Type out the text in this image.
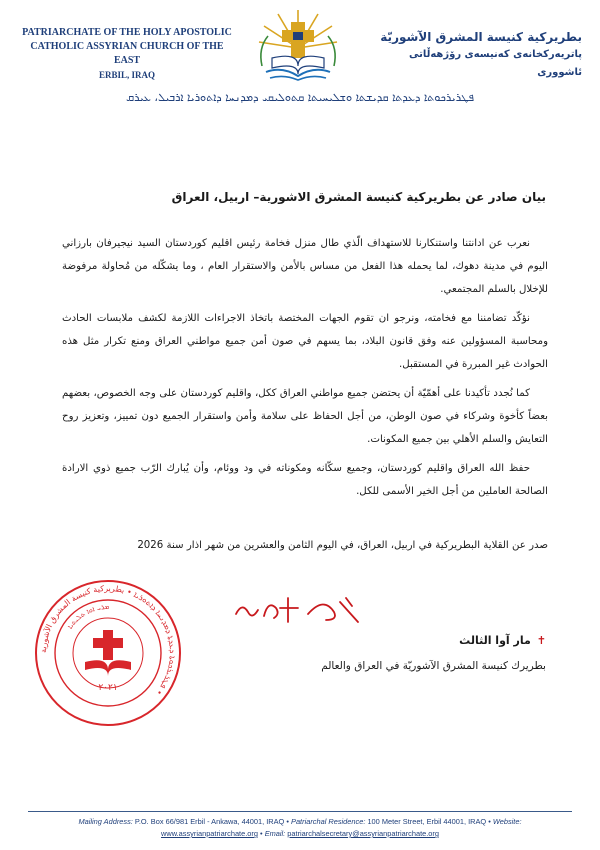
PATRIARCHATE OF THE HOLY APOSTOLIC
CATHOLIC ASSYRIAN CHURCH OF THE EAST
ERBIL, IRAQ
بطريركية كنيسة المشرق الآشوريّة
پاتريەرکخانەی کەنیسەی رۆژهەڵاتی ئاشووری
ܦܛܪܝܪܟܘܬܐ ܕܥܕܬܐ ܩܕܝܫܬܐ ܘܫܠܝܚܝܬܐ ܩܬܘܠܝܩܝ ܕܡܕܢܚܐ ܕܐܬܘܪܝܐ ܐܪܒܝܠ، ܥܝܪܩ
بيان صادر عن بطريركية كنيسة المشرق الاشورية– اربيل، العراق

نعرب عن ادانتنا واستنكارنا للاستهداف الّذي طال منزل فخامة رئيس اقليم كوردستان السيد نيجيرفان بارزاني اليوم في مدينة دهوك، لما يحمله هذا الفعل من مساس بالأمن والاستقرار العام ، وما يشكّله من مُحاولة مرفوضة للإخلال بالسلم المجتمعي.

نؤكّد تضامننا مع فخامته، ونرجو ان تقوم الجهات المختصة باتخاذ الاجراءات اللازمة لكشف ملابسات الحادث ومحاسبة المسؤولين عنه وفق قانون البلاد، بما يسهم في صون أمن جميع مواطني العراق ومنع تكرار مثل هذه الحوادث غير المبررة في المستقبل.

كما نُجدد تأكيدنا على أهمّيّة أن يحتضن جميع مواطني العراق ككل، واقليم كوردستان على وجه الخصوص، بعضهم بعضاً كأخوة وشركاء في صون الوطن، من أجل الحفاظ على سلامة وأمن واستقرار الجميع دون تمييز، وتعزيز روح التعايش والسلم الأهلي بين جميع المكونات.

حفظ الله العراق واقليم كوردستان، وجميع سكّانه ومكوناته في ود ووئام، وأن يُبارك الرّب جميع ذوي الارادة الصالحة العاملين من أجل الخير الأسمى للكل.

صدر عن القلاية البطريركية في اربيل، العراق، في اليوم الثامن والعشرين من شهر اذار سنة 2026
ܦܛܪܝܪܟܘܬܐ ܕܥܕܬܐ ܕܡܕܢܚܐ ܕܐܬܘܪܝܐ • بطريركية كنيسة المشرق الآشورية •
ܡܪܝ ܐܘܐ ܬܠܝܬܝܐ
٢٠٢١
✝مار آوا الثالث
بطريرك كنيسة المشرق الآشوريّة في العراق والعالم
Mailing Address: P.O. Box 66/981 Erbil - Ankawa, 44001, IRAQ • Patriarchal Residence: 100 Meter Street, Erbil 44001, IRAQ • Website:
www.assyrianpatriarchate.org • Email: patriarchalsecretary@assyrianpatriarchate.org
